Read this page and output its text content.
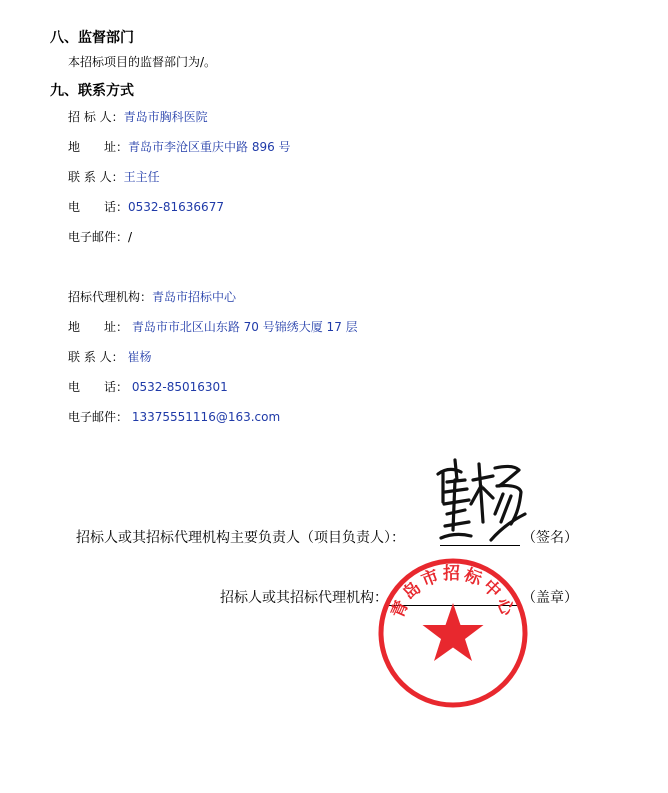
八、监督部门
本招标项目的监督部门为/。
九、联系方式
招 标 人：青岛市胸科医院
地　　址：青岛市李沧区重庆中路 896 号
联 系 人：王主任
电　　话：0532-81636677
电子邮件：/
招标代理机构：青岛市招标中心
地　　址： 青岛市市北区山东路 70 号锦绣大厦 17 层
联 系 人： 崔杨
电　　话： 0532-85016301
电子邮件： 13375551116@163.com
招标人或其招标代理机构主要负责人（项目负责人）：	（签名）
招标人或其招标代理机构：	（盖章）
青岛市招标中心
